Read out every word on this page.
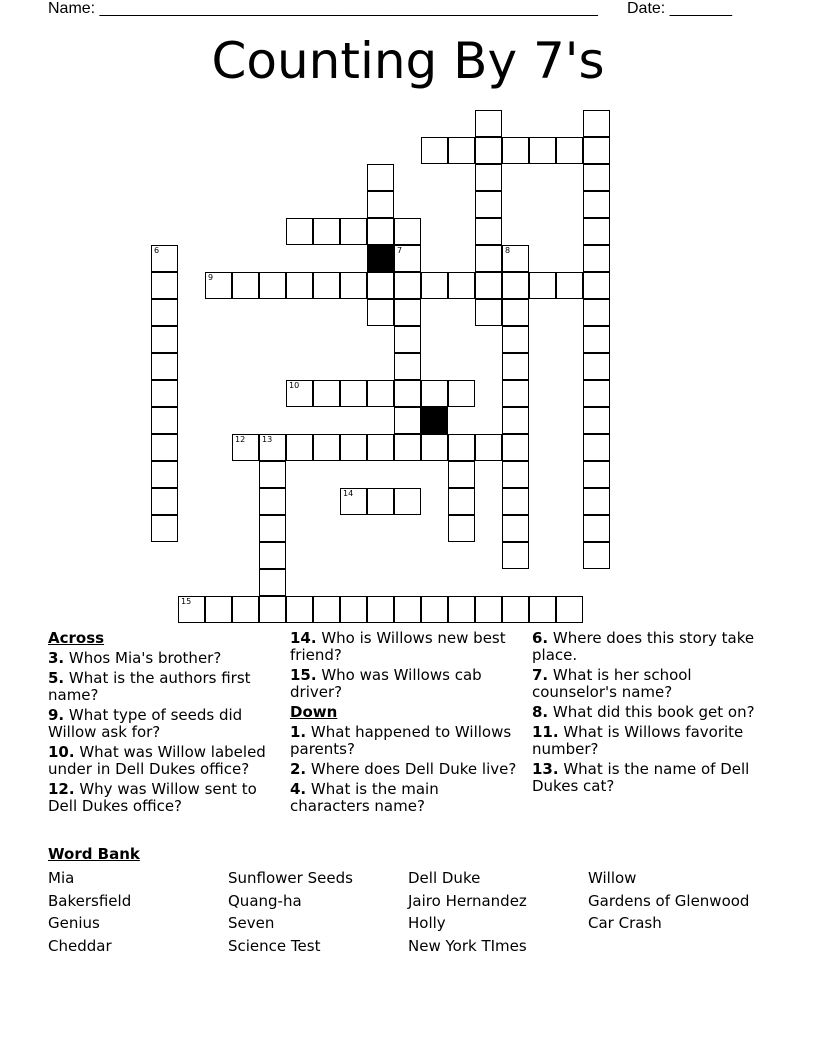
Name: ________________________________________________________ Date: _______
Counting By 7's
7
6
9
8
10
12 13
14
15
Across
3. Whos Mia's brother?
5. What is the authors first name?
9. What type of seeds did Willow ask for?
10. What was Willow labeled under in Dell Dukes office?
12. Why was Willow sent to Dell Dukes office?
14. Who is Willows new best friend?
15. Who was Willows cab driver?
Down
1. What happened to Willows parents?
2. Where does Dell Duke live?
4. What is the main characters name?
6. Where does this story take place.
7. What is her school counselor's name?
8. What did this book get on?
11. What is Willows favorite number?
13. What is the name of Dell Dukes cat?
Word Bank
Mia
Bakersfield
Genius
Cheddar
Sunflower Seeds
Quang-ha
Seven
Science Test
Dell Duke
Jairo Hernandez
Holly
New York TImes
Willow
Gardens of Glenwood
Car Crash
